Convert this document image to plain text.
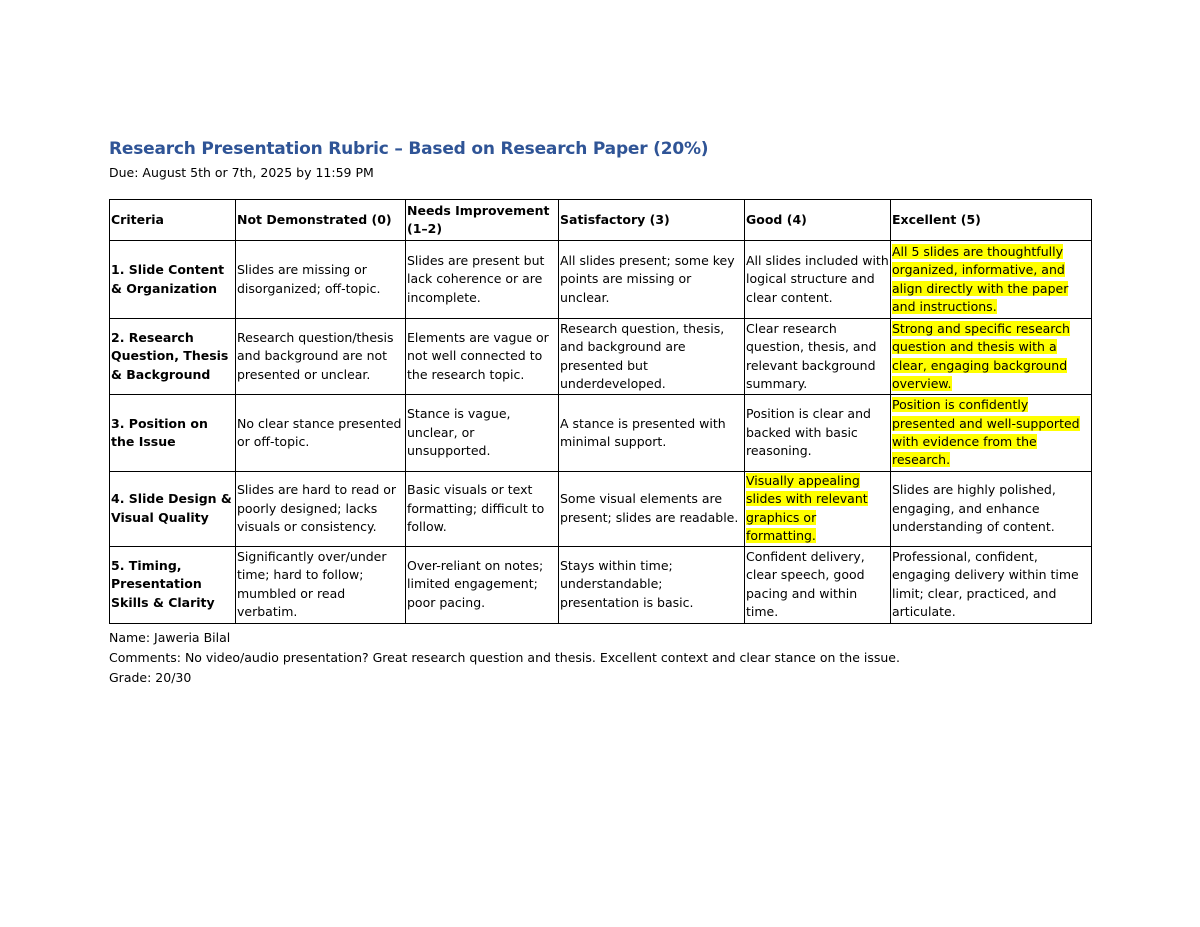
Research Presentation Rubric – Based on Research Paper (20%)
Due: August 5th or 7th, 2025 by 11:59 PM
Criteria	Not Demonstrated (0)	Needs Improvement (1–2)	Satisfactory (3)	Good (4)	Excellent (5)
1. Slide Content & Organization	Slides are missing or disorganized; off-topic.	Slides are present but lack coherence or are incomplete.	All slides present; some key points are missing or unclear.	All slides included with logical structure and clear content.	All 5 slides are thoughtfully organized, informative, and align directly with the paper and instructions.
2. Research Question, Thesis & Background	Research question/thesis and background are not presented or unclear.	Elements are vague or not well connected to the research topic.	Research question, thesis, and background are presented but underdeveloped.	Clear research question, thesis, and relevant background summary.	Strong and specific research question and thesis with a clear, engaging background overview.
3. Position on the Issue	No clear stance presented or off-topic.	Stance is vague, unclear, or unsupported.	A stance is presented with minimal support.	Position is clear and backed with basic reasoning.	Position is confidently presented and well-supported with evidence from the research.
4. Slide Design & Visual Quality	Slides are hard to read or poorly designed; lacks visuals or consistency.	Basic visuals or text formatting; difficult to follow.	Some visual elements are present; slides are readable.	Visually appealing slides with relevant graphics or formatting.	Slides are highly polished, engaging, and enhance understanding of content.
5. Timing, Presentation Skills & Clarity	Significantly over/under time; hard to follow; mumbled or read verbatim.	Over-reliant on notes; limited engagement; poor pacing.	Stays within time; understandable; presentation is basic.	Confident delivery, clear speech, good pacing and within time.	Professional, confident, engaging delivery within time limit; clear, practiced, and articulate.
Name: Jaweria Bilal
Comments: No video/audio presentation? Great research question and thesis. Excellent context and clear stance on the issue.
Grade: 20/30
